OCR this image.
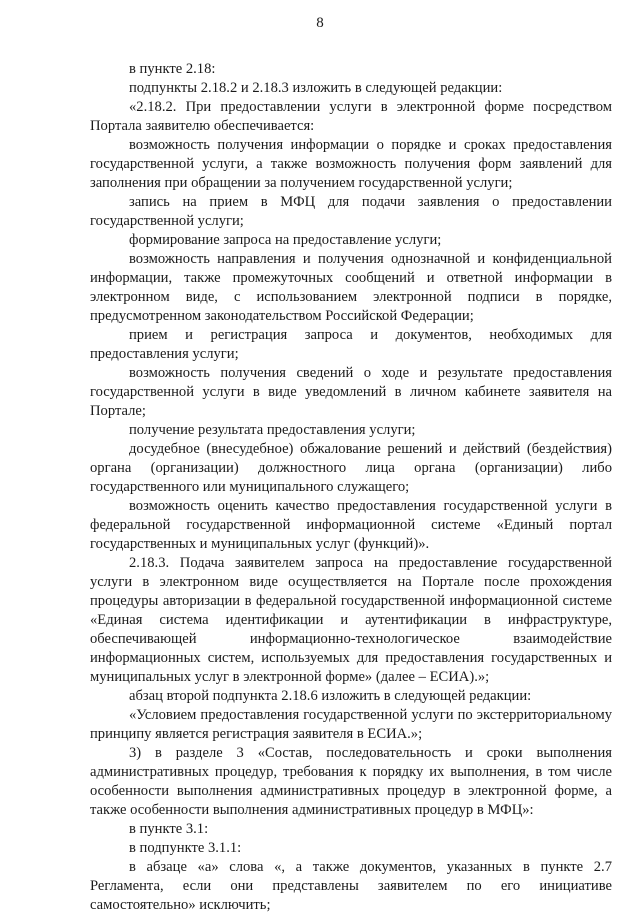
8

в пункте 2.18:

подпункты 2.18.2 и 2.18.3 изложить в следующей редакции:

«2.18.2. При предоставлении услуги в электронной форме посредством Портала заявителю обеспечивается:

возможность получения информации о порядке и сроках предоставления государственной услуги, а также возможность получения форм заявлений для заполнения при обращении за получением государственной услуги;

запись на прием в МФЦ для подачи заявления о предоставлении государственной услуги;

формирование запроса на предоставление услуги;

возможность направления и получения однозначной и конфиденциальной информации, также промежуточных сообщений и ответной информации в электронном виде, с использованием электронной подписи в порядке, предусмотренном законодательством Российской Федерации;

прием и регистрация запроса и документов, необходимых для предоставления услуги;

возможность получения сведений о ходе и результате предоставления государственной услуги в виде уведомлений в личном кабинете заявителя на Портале;

получение результата предоставления услуги;

досудебное (внесудебное) обжалование решений и действий (бездействия) органа (организации) должностного лица органа (организации) либо государственного или муниципального служащего;

возможность оценить качество предоставления государственной услуги в федеральной государственной информационной системе «Единый портал государственных и муниципальных услуг (функций)».

2.18.3. Подача заявителем запроса на предоставление государственной услуги в электронном виде осуществляется на Портале после прохождения процедуры авторизации в федеральной государственной информационной системе «Единая система идентификации и аутентификации в инфраструктуре, обеспечивающей информационно-технологическое взаимодействие информационных систем, используемых для предоставления государственных и муниципальных услуг в электронной форме» (далее – ЕСИА).»;

абзац второй подпункта 2.18.6 изложить в следующей редакции:

«Условием предоставления государственной услуги по экстерриториальному принципу является регистрация заявителя в ЕСИА.»;

3) в разделе 3 «Состав, последовательность и сроки выполнения административных процедур, требования к порядку их выполнения, в том числе особенности выполнения административных процедур в электронной форме, а также особенности выполнения административных процедур в МФЦ»:

в пункте 3.1:

в подпункте 3.1.1:

в абзаце «а» слова «, а также документов, указанных в пункте 2.7 Регламента, если они представлены заявителем по его инициативе самостоятельно» исключить;
